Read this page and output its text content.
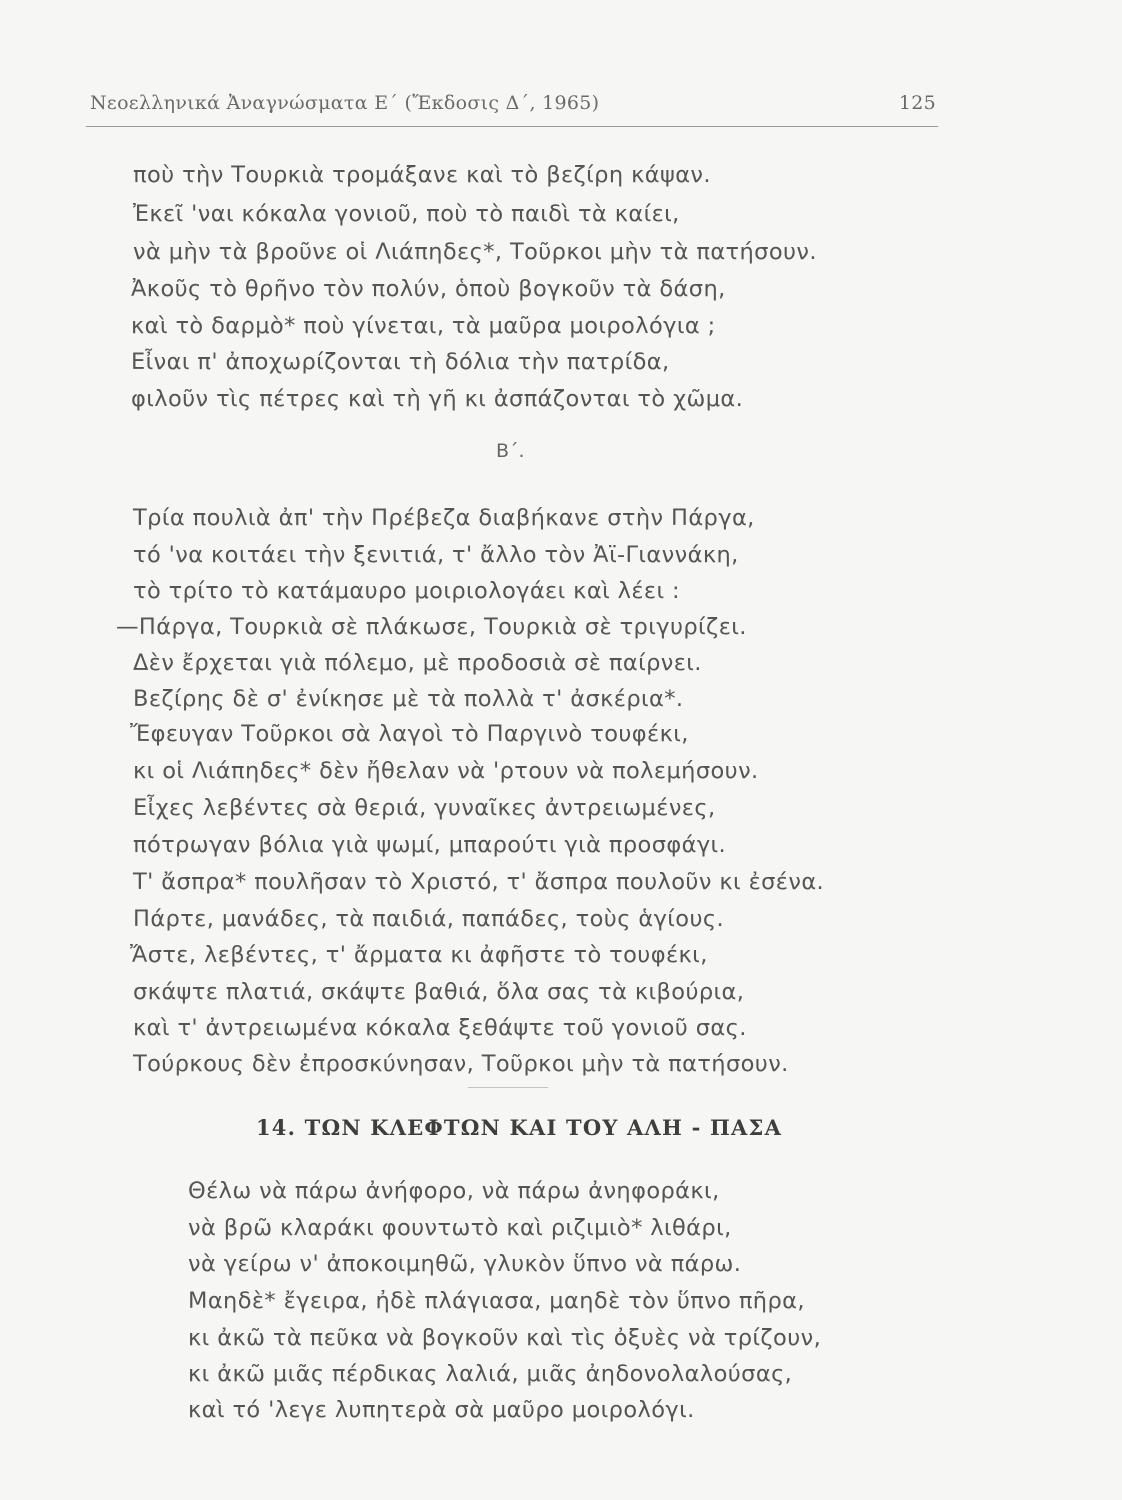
Νεοελληνικά Ἀναγνώσματα Ε΄ (Ἔκδοσις Δ΄, 1965)	125
ποὺ τὴν Τουρκιὰ τρομάξανε καὶ τὸ βεζίρη κάψαν.
Ἐκεῖ 'ναι κόκαλα γονιοῦ, ποὺ τὸ παιδὶ τὰ καίει,
νὰ μὴν τὰ βροῦνε οἱ Λιάπηδες*, Τοῦρκοι μὴν τὰ πατήσουν.
Ἀκοῦς τὸ θρῆνο τὸν πολύν, ὁποὺ βογκοῦν τὰ δάση,
καὶ τὸ δαρμὸ* ποὺ γίνεται, τὰ μαῦρα μοιρολόγια ;
Εἶναι π' ἀποχωρίζονται τὴ δόλια τὴν πατρίδα,
φιλοῦν τὶς πέτρες καὶ τὴ γῆ κι ἀσπάζονται τὸ χῶμα.
Β΄.
Τρία πουλιὰ ἀπ' τὴν Πρέβεζα διαβήκανε στὴν Πάργα,
τό 'να κοιτάει τὴν ξενιτιά, τ' ἄλλο τὸν Ἀϊ-Γιαννάκη,
τὸ τρίτο τὸ κατάμαυρο μοιριολογάει καὶ λέει :
—Πάργα, Τουρκιὰ σὲ πλάκωσε, Τουρκιὰ σὲ τριγυρίζει.
Δὲν ἔρχεται γιὰ πόλεμο, μὲ προδοσιὰ σὲ παίρνει.
Βεζίρης δὲ σ' ἐνίκησε μὲ τὰ πολλὰ τ' ἀσκέρια*.
Ἔφευγαν Τοῦρκοι σὰ λαγοὶ τὸ Παργινὸ τουφέκι,
κι οἱ Λιάπηδες* δὲν ἤθελαν νὰ 'ρτουν νὰ πολεμήσουν.
Εἶχες λεβέντες σὰ θεριά, γυναῖκες ἀντρειωμένες,
πότρωγαν βόλια γιὰ ψωμί, μπαρούτι γιὰ προσφάγι.
Τ' ἄσπρα* πουλῆσαν τὸ Χριστό, τ' ἄσπρα πουλοῦν κι ἐσένα.
Πάρτε, μανάδες, τὰ παιδιά, παπάδες, τοὺς ἁγίους.
Ἄστε, λεβέντες, τ' ἄρματα κι ἀφῆστε τὸ τουφέκι,
σκάψτε πλατιά, σκάψτε βαθιά, ὅλα σας τὰ κιβούρια,
καὶ τ' ἀντρειωμένα κόκαλα ξεθάψτε τοῦ γονιοῦ σας.
Τούρκους δὲν ἐπροσκύνησαν, Τοῦρκοι μὴν τὰ πατήσουν.
14. ΤΩΝ ΚΛΕΦΤΩΝ ΚΑΙ ΤΟΥ ΑΛΗ - ΠΑΣΑ
Θέλω νὰ πάρω ἀνήφορο, νὰ πάρω ἀνηφοράκι,
νὰ βρῶ κλαράκι φουντωτὸ καὶ ριζιμιὸ* λιθάρι,
νὰ γείρω ν' ἀποκοιμηθῶ, γλυκὸν ὕπνο νὰ πάρω.
Μαηδὲ* ἔγειρα, ἠδὲ πλάγιασα, μαηδὲ τὸν ὕπνο πῆρα,
κι ἀκῶ τὰ πεῦκα νὰ βογκοῦν καὶ τὶς ὀξυὲς νὰ τρίζουν,
κι ἀκῶ μιᾶς πέρδικας λαλιά, μιᾶς ἀηδονολαλούσας,
καὶ τό 'λεγε λυπητερὰ σὰ μαῦρο μοιρολόγι.
